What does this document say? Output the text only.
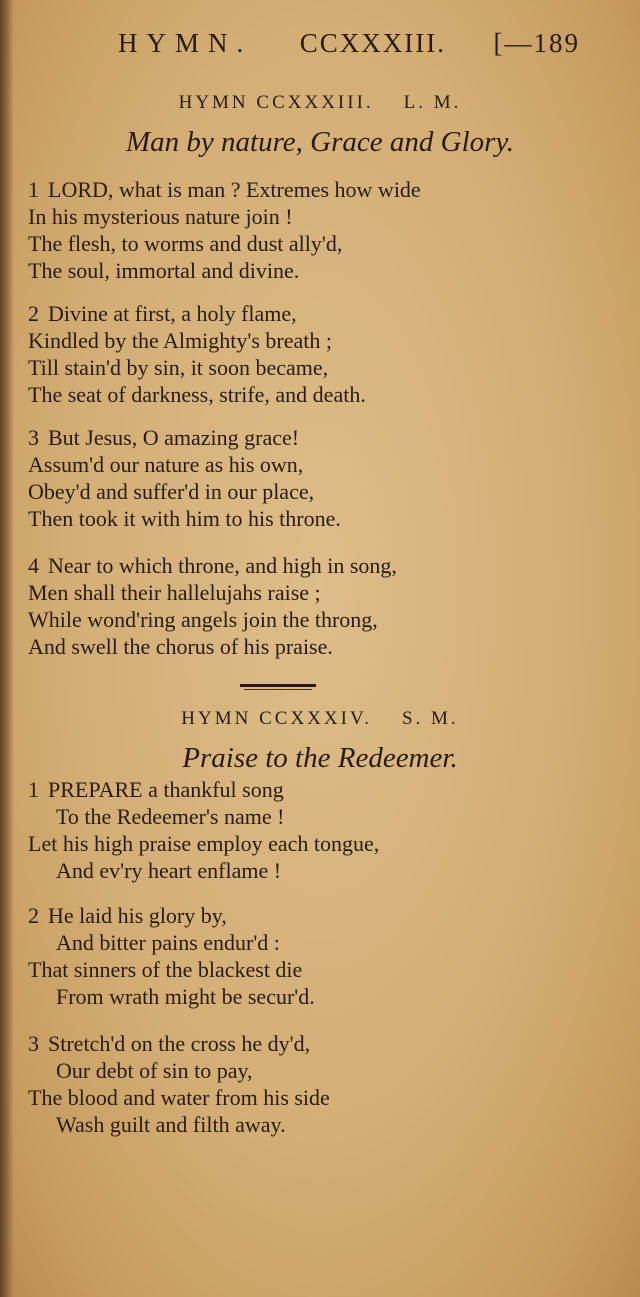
HYMN. CCXXXIII. [—189
HYMN CCXXXIII. L. M.
Man by nature, Grace and Glory.
1 LORD, what is man ? Extremes how wide
In his mysterious nature join !
The flesh, to worms and dust ally'd,
The soul, immortal and divine.
2 Divine at first, a holy flame,
Kindled by the Almighty's breath ;
Till stain'd by sin, it soon became,
The seat of darkness, strife, and death.
3 But Jesus, O amazing grace!
Assum'd our nature as his own,
Obey'd and suffer'd in our place,
Then took it with him to his throne.
4 Near to which throne, and high in song,
Men shall their hallelujahs raise ;
While wond'ring angels join the throng,
And swell the chorus of his praise.
HYMN CCXXXIV. S. M.
Praise to the Redeemer.
1 PREPARE a thankful song
To the Redeemer's name !
Let his high praise employ each tongue,
And ev'ry heart enflame !
2 He laid his glory by,
And bitter pains endur'd :
That sinners of the blackest die
From wrath might be secur'd.
3 Stretch'd on the cross he dy'd,
Our debt of sin to pay,
The blood and water from his side
Wash guilt and filth away.
